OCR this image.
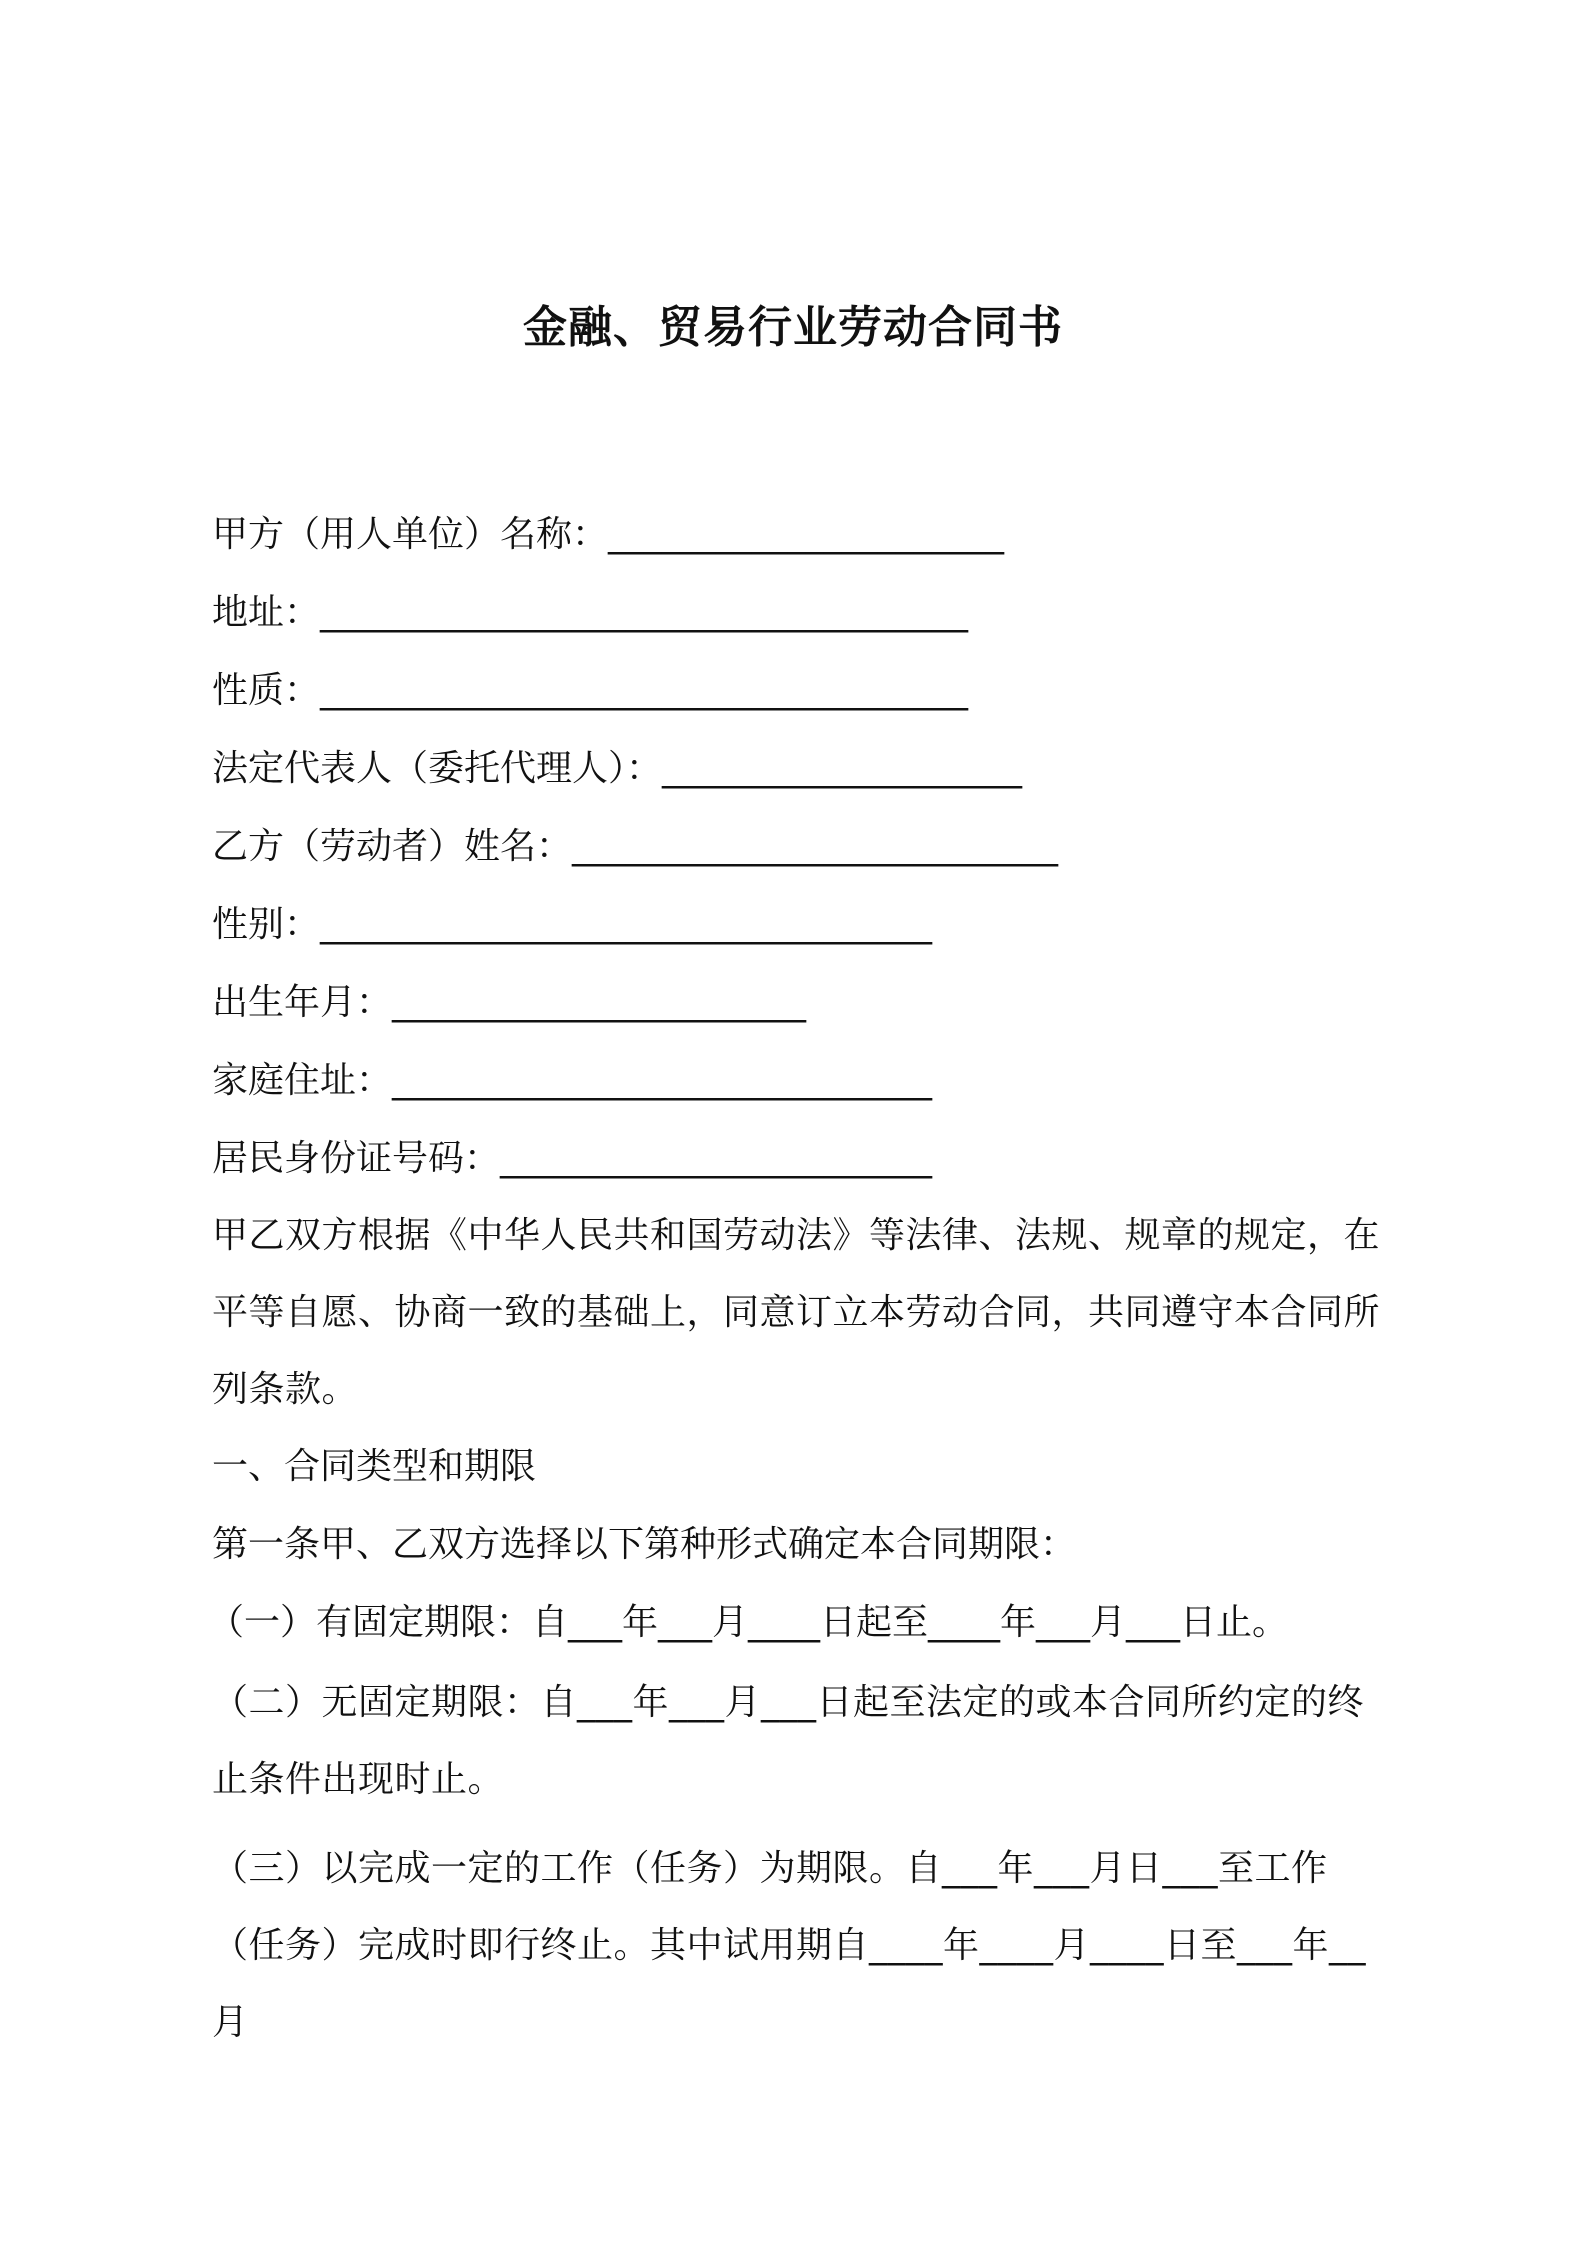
金融、贸易行业劳动合同书
甲方（用人单位）名称：______________________
地址：____________________________________
性质：____________________________________
法定代表人（委托代理人）：____________________
乙方（劳动者）姓名：___________________________
性别：__________________________________
出生年月：_______________________
家庭住址：______________________________
居民身份证号码：________________________
甲乙双方根据《中华人民共和国劳动法》等法律、法规、规章的规定，在平等自愿、协商一致的基础上，同意订立本劳动合同，共同遵守本合同所列条款。
一、合同类型和期限
第一条甲、乙双方选择以下第种形式确定本合同期限：
（一）有固定期限：自___年___月____日起至____年___月___日止。
（二）无固定期限：自___年___月___日起至法定的或本合同所约定的终止条件出现时止。
（三）以完成一定的工作（任务）为期限。自___年___月日___至工作（任务）完成时即行终止。其中试用期自____年____月____日至___年__月
